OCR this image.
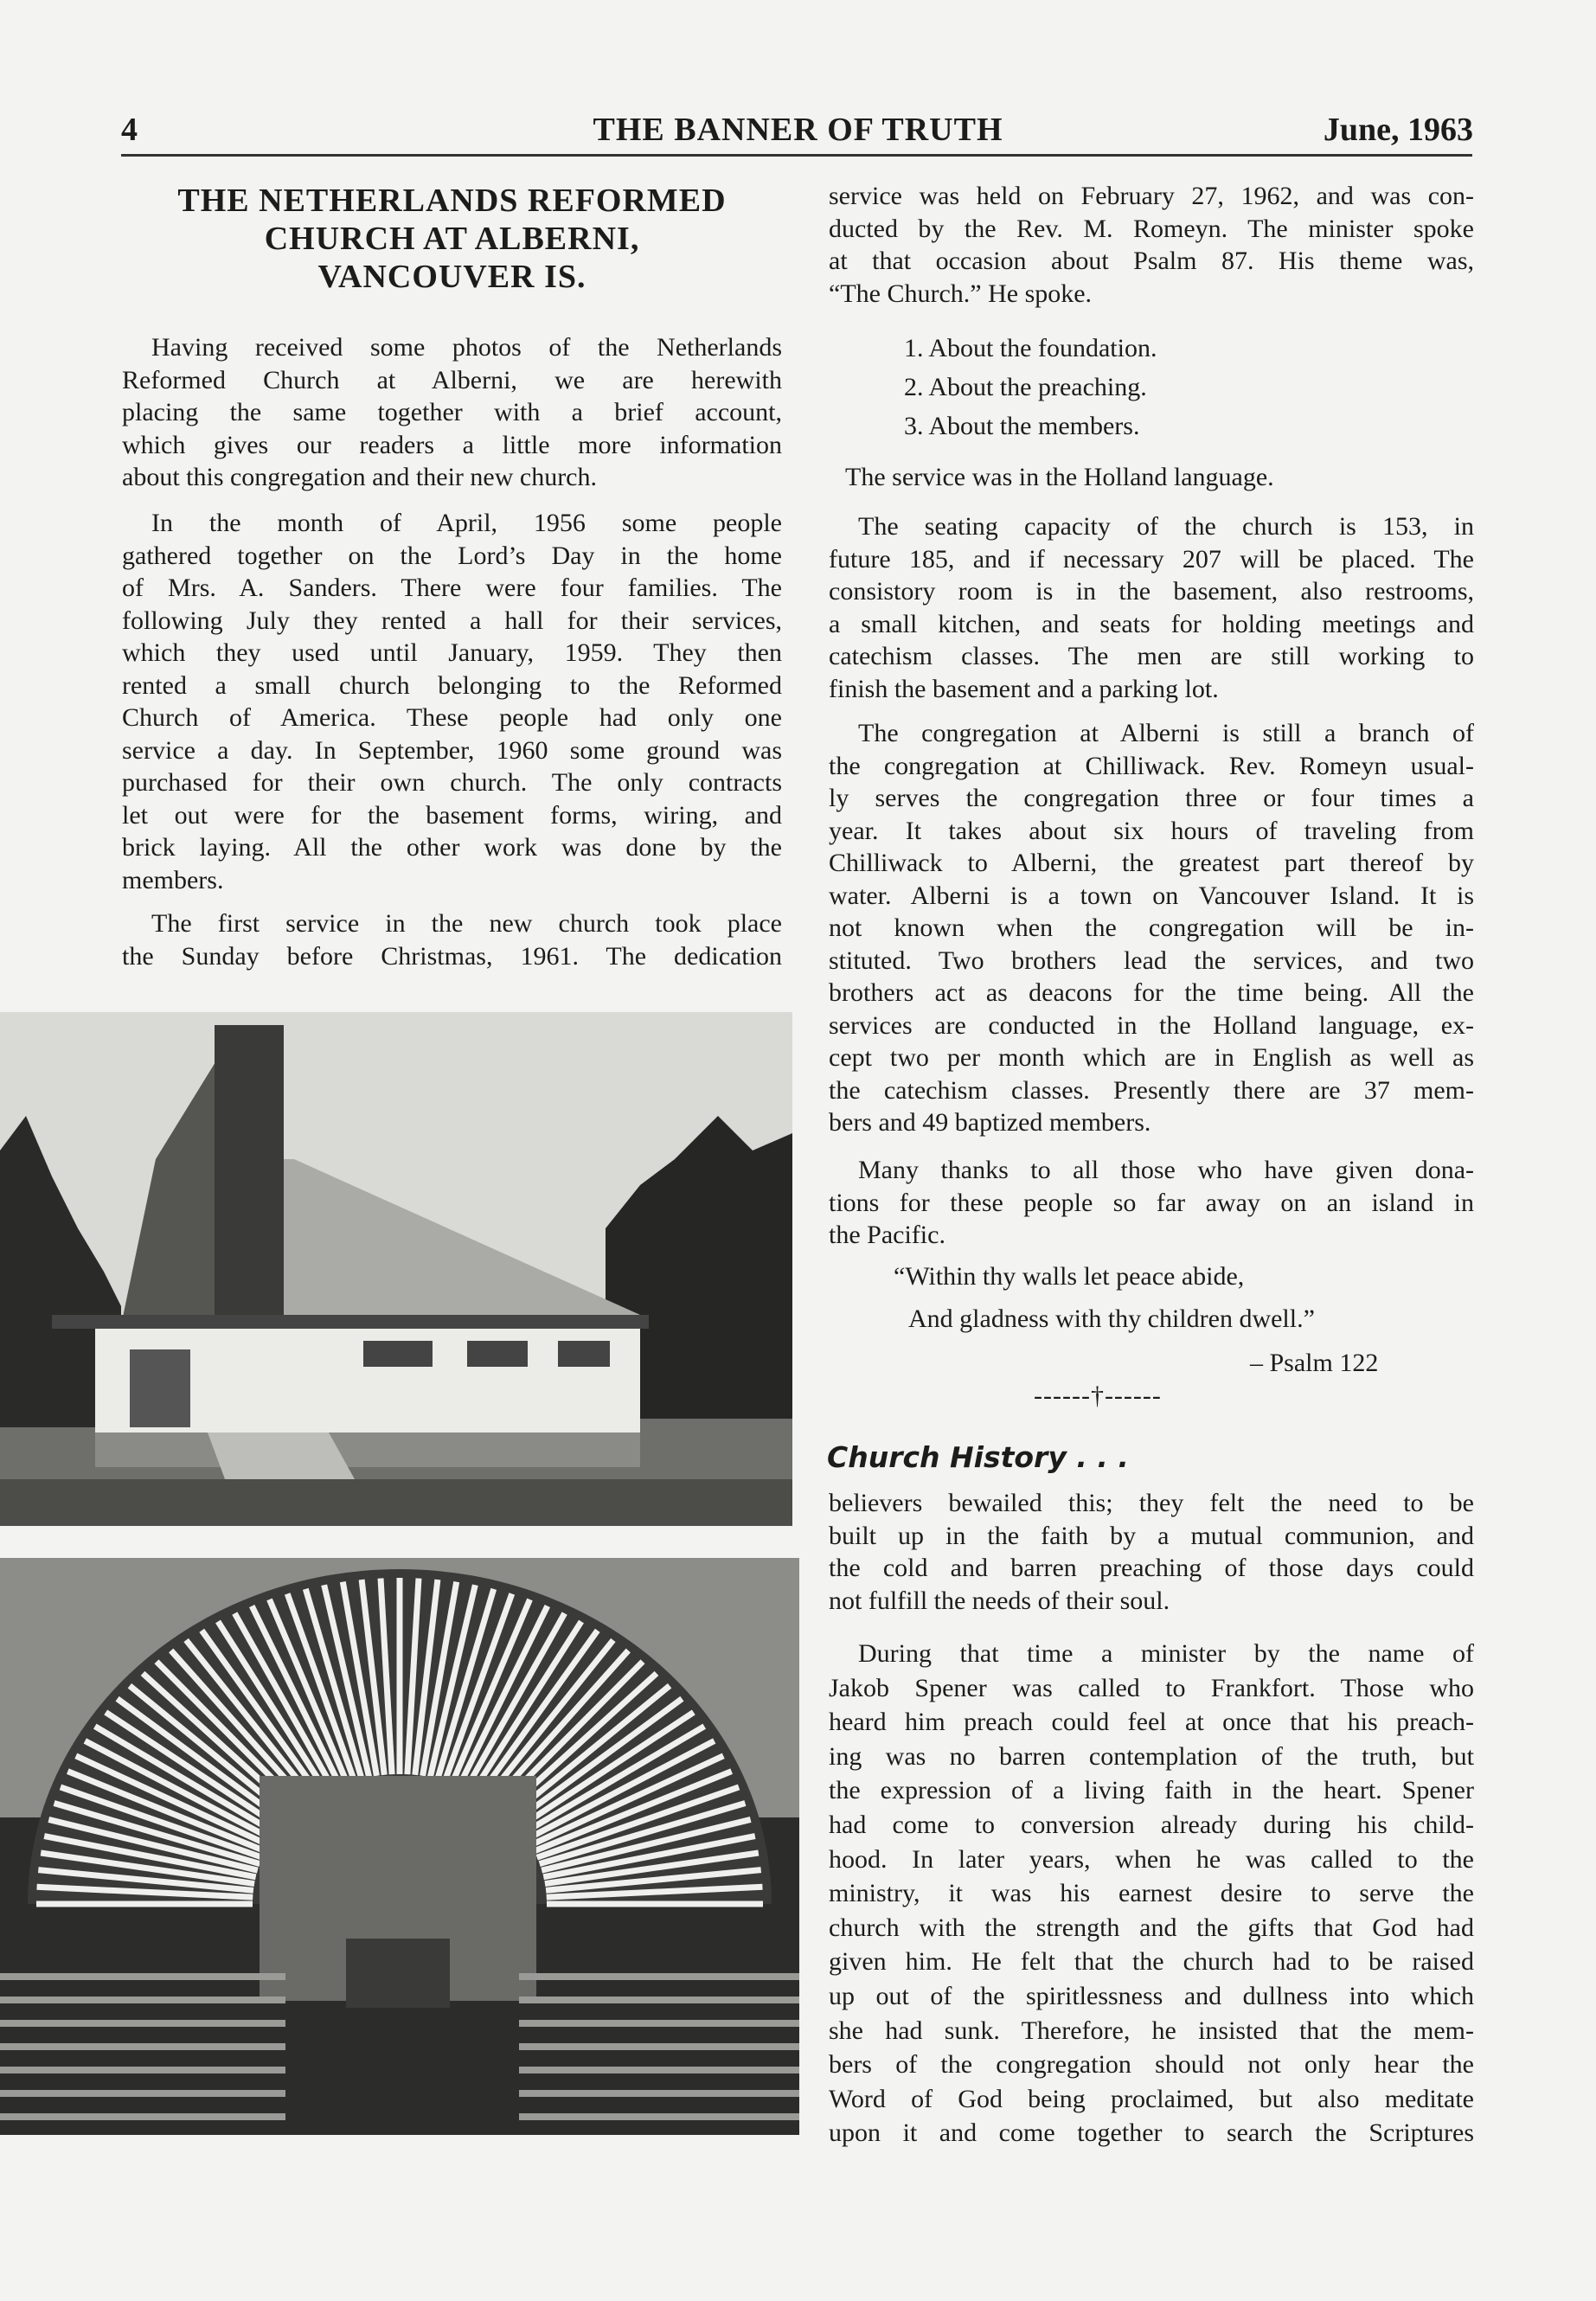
4	THE BANNER OF TRUTH	June, 1963
THE NETHERLANDS REFORMED
CHURCH AT ALBERNI,
VANCOUVER IS.
Having received some photos of the Netherlands
Reformed Church at Alberni, we are herewith
placing the same together with a brief account,
which gives our readers a little more information
about this congregation and their new church.
In the month of April, 1956 some people
gathered together on the Lord’s Day in the home
of Mrs. A. Sanders. There were four families. The
following July they rented a hall for their services,
which they used until January, 1959. They then
rented a small church belonging to the Reformed
Church of America. These people had only one
service a day. In September, 1960 some ground was
purchased for their own church. The only contracts
let out were for the basement forms, wiring, and
brick laying. All the other work was done by the
members.
The first service in the new church took place
the Sunday before Christmas, 1961. The dedication
service was held on February 27, 1962, and was con-
ducted by the Rev. M. Romeyn. The minister spoke
at that occasion about Psalm 87. His theme was,
“The Church.” He spoke.
1. About the foundation.
2. About the preaching.
3. About the members.
The service was in the Holland language.
The seating capacity of the church is 153, in
future 185, and if necessary 207 will be placed. The
consistory room is in the basement, also restrooms,
a small kitchen, and seats for holding meetings and
catechism classes. The men are still working to
finish the basement and a parking lot.
The congregation at Alberni is still a branch of
the congregation at Chilliwack. Rev. Romeyn usual-
ly serves the congregation three or four times a
year. It takes about six hours of traveling from
Chilliwack to Alberni, the greatest part thereof by
water. Alberni is a town on Vancouver Island. It is
not known when the congregation will be in-
stituted. Two brothers lead the services, and two
brothers act as deacons for the time being. All the
services are conducted in the Holland language, ex-
cept two per month which are in English as well as
the catechism classes. Presently there are 37 mem-
bers and 49 baptized members.
Many thanks to all those who have given dona-
tions for these people so far away on an island in
the Pacific.
“Within thy walls let peace abide,
And gladness with thy children dwell.”
– Psalm 122
------†------
Church History . . .
believers bewailed this; they felt the need to be
built up in the faith by a mutual communion, and
the cold and barren preaching of those days could
not fulfill the needs of their soul.
During that time a minister by the name of
Jakob Spener was called to Frankfort. Those who
heard him preach could feel at once that his preach-
ing was no barren contemplation of the truth, but
the expression of a living faith in the heart. Spener
had come to conversion already during his child-
hood. In later years, when he was called to the
ministry, it was his earnest desire to serve the
church with the strength and the gifts that God had
given him. He felt that the church had to be raised
up out of the spiritlessness and dullness into which
she had sunk. Therefore, he insisted that the mem-
bers of the congregation should not only hear the
Word of God being proclaimed, but also meditate
upon it and come together to search the Scriptures
